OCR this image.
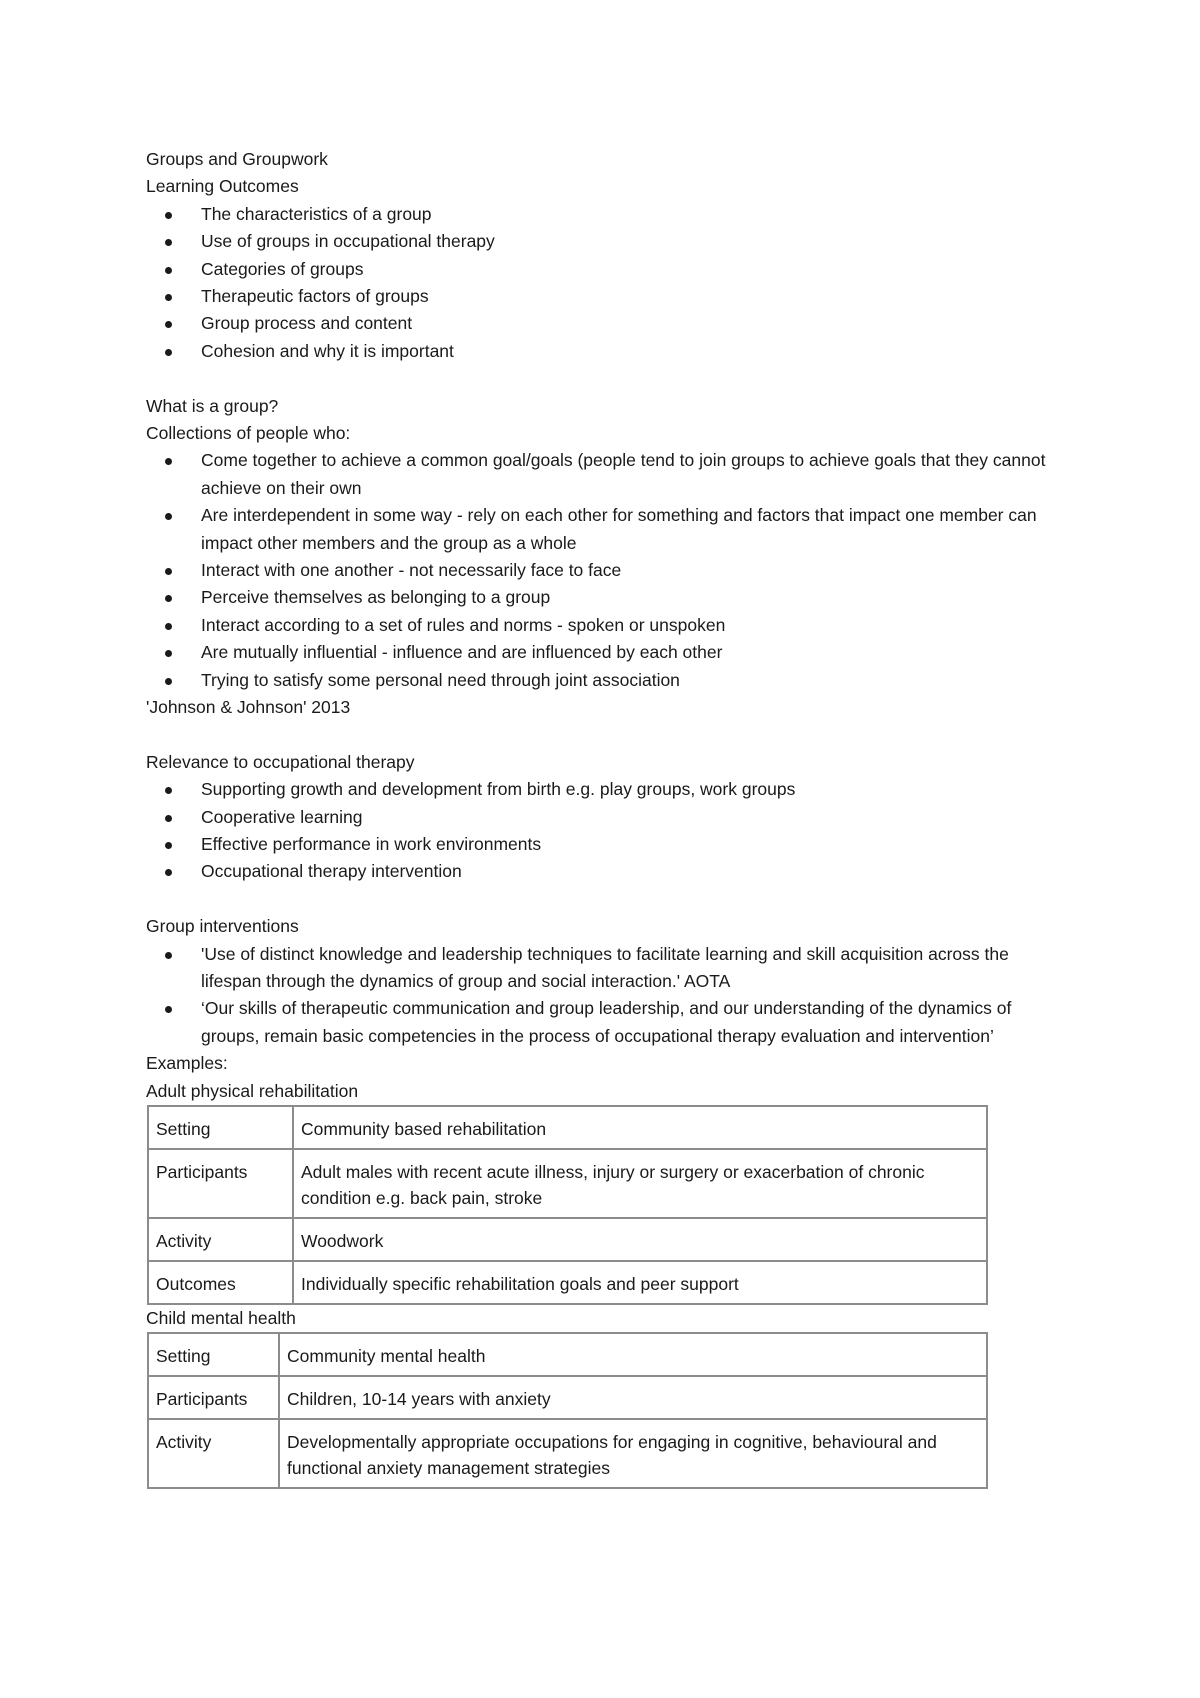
Groups and Groupwork
Learning Outcomes
The characteristics of a group
Use of groups in occupational therapy
Categories of groups
Therapeutic factors of groups
Group process and content
Cohesion and why it is important
What is a group?
Collections of people who:
Come together to achieve a common goal/goals (people tend to join groups to achieve goals that they cannot achieve on their own
Are interdependent in some way - rely on each other for something and factors that impact one member can impact other members and the group as a whole
Interact with one another - not necessarily face to face
Perceive themselves as belonging to a group
Interact according to a set of rules and norms - spoken or unspoken
Are mutually influential - influence and are influenced by each other
Trying to satisfy some personal need through joint association
'Johnson & Johnson' 2013
Relevance to occupational therapy
Supporting growth and development from birth e.g. play groups, work groups
Cooperative learning
Effective performance in work environments
Occupational therapy intervention
Group interventions
'Use of distinct knowledge and leadership techniques to facilitate learning and skill acquisition across the lifespan through the dynamics of group and social interaction.' AOTA
‘Our skills of therapeutic communication and group leadership, and our understanding of the dynamics of groups, remain basic competencies in the process of occupational therapy evaluation and intervention’
Examples:
Adult physical rehabilitation
Setting	Community based rehabilitation
Participants	Adult males with recent acute illness, injury or surgery or exacerbation of chronic condition e.g. back pain, stroke
Activity	Woodwork
Outcomes	Individually specific rehabilitation goals and peer support
Child mental health
Setting	Community mental health
Participants	Children, 10-14 years with anxiety
Activity	Developmentally appropriate occupations for engaging in cognitive, behavioural and functional anxiety management strategies
